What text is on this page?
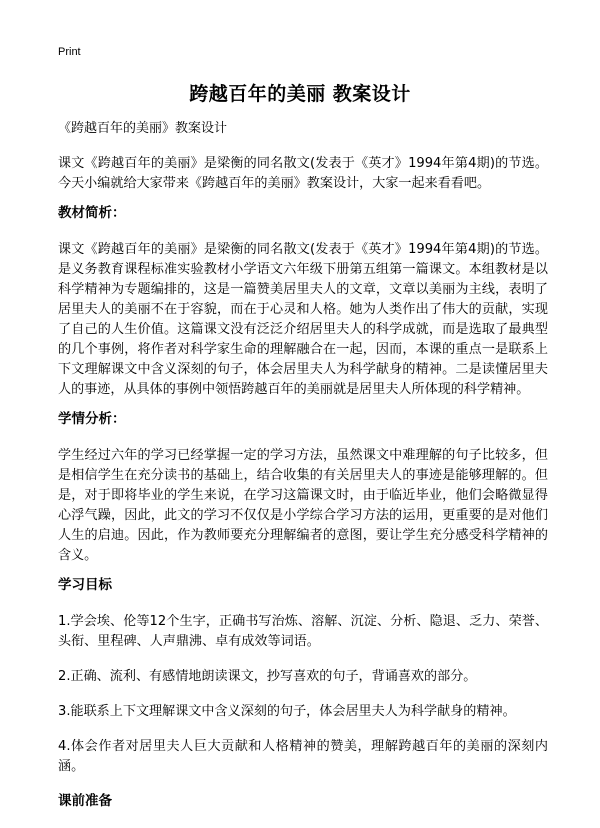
Print
跨越百年的美丽 教案设计
《跨越百年的美丽》教案设计

课文《跨越百年的美丽》是梁衡的同名散文(发表于《英才》1994年第4期)的节选。今天小编就给大家带来《跨越百年的美丽》教案设计，大家一起来看看吧。

教材简析：

课文《跨越百年的美丽》是梁衡的同名散文(发表于《英才》1994年第4期)的节选。是义务教育课程标准实验教材小学语文六年级下册第五组第一篇课文。本组教材是以科学精神为专题编排的，这是一篇赞美居里夫人的文章，文章以美丽为主线，表明了居里夫人的美丽不在于容貌，而在于心灵和人格。她为人类作出了伟大的贡献，实现了自己的人生价值。这篇课文没有泛泛介绍居里夫人的科学成就，而是选取了最典型的几个事例，将作者对科学家生命的理解融合在一起，因而，本课的重点一是联系上下文理解课文中含义深刻的句子，体会居里夫人为科学献身的精神。二是读懂居里夫人的事迹，从具体的事例中领悟跨越百年的美丽就是居里夫人所体现的科学精神。

学情分析：

学生经过六年的学习已经掌握一定的学习方法，虽然课文中难理解的句子比较多，但是相信学生在充分读书的基础上，结合收集的有关居里夫人的事迹是能够理解的。但是，对于即将毕业的学生来说，在学习这篇课文时，由于临近毕业，他们会略微显得心浮气躁，因此，此文的学习不仅仅是小学综合学习方法的运用，更重要的是对他们人生的启迪。因此，作为教师要充分理解编者的意图，要让学生充分感受科学精神的含义。

学习目标
1.学会埃、伦等12个生字，正确书写治炼、溶解、沉淀、分析、隐退、乏力、荣誉、头衔、里程碑、人声鼎沸、卓有成效等词语。
2.正确、流利、有感情地朗读课文，抄写喜欢的句子，背诵喜欢的部分。
3.能联系上下文理解课文中含义深刻的句子，体会居里夫人为科学献身的精神。
4.体会作者对居里夫人巨大贡献和人格精神的赞美，理解跨越百年的美丽的深刻内涵。
课前准备
